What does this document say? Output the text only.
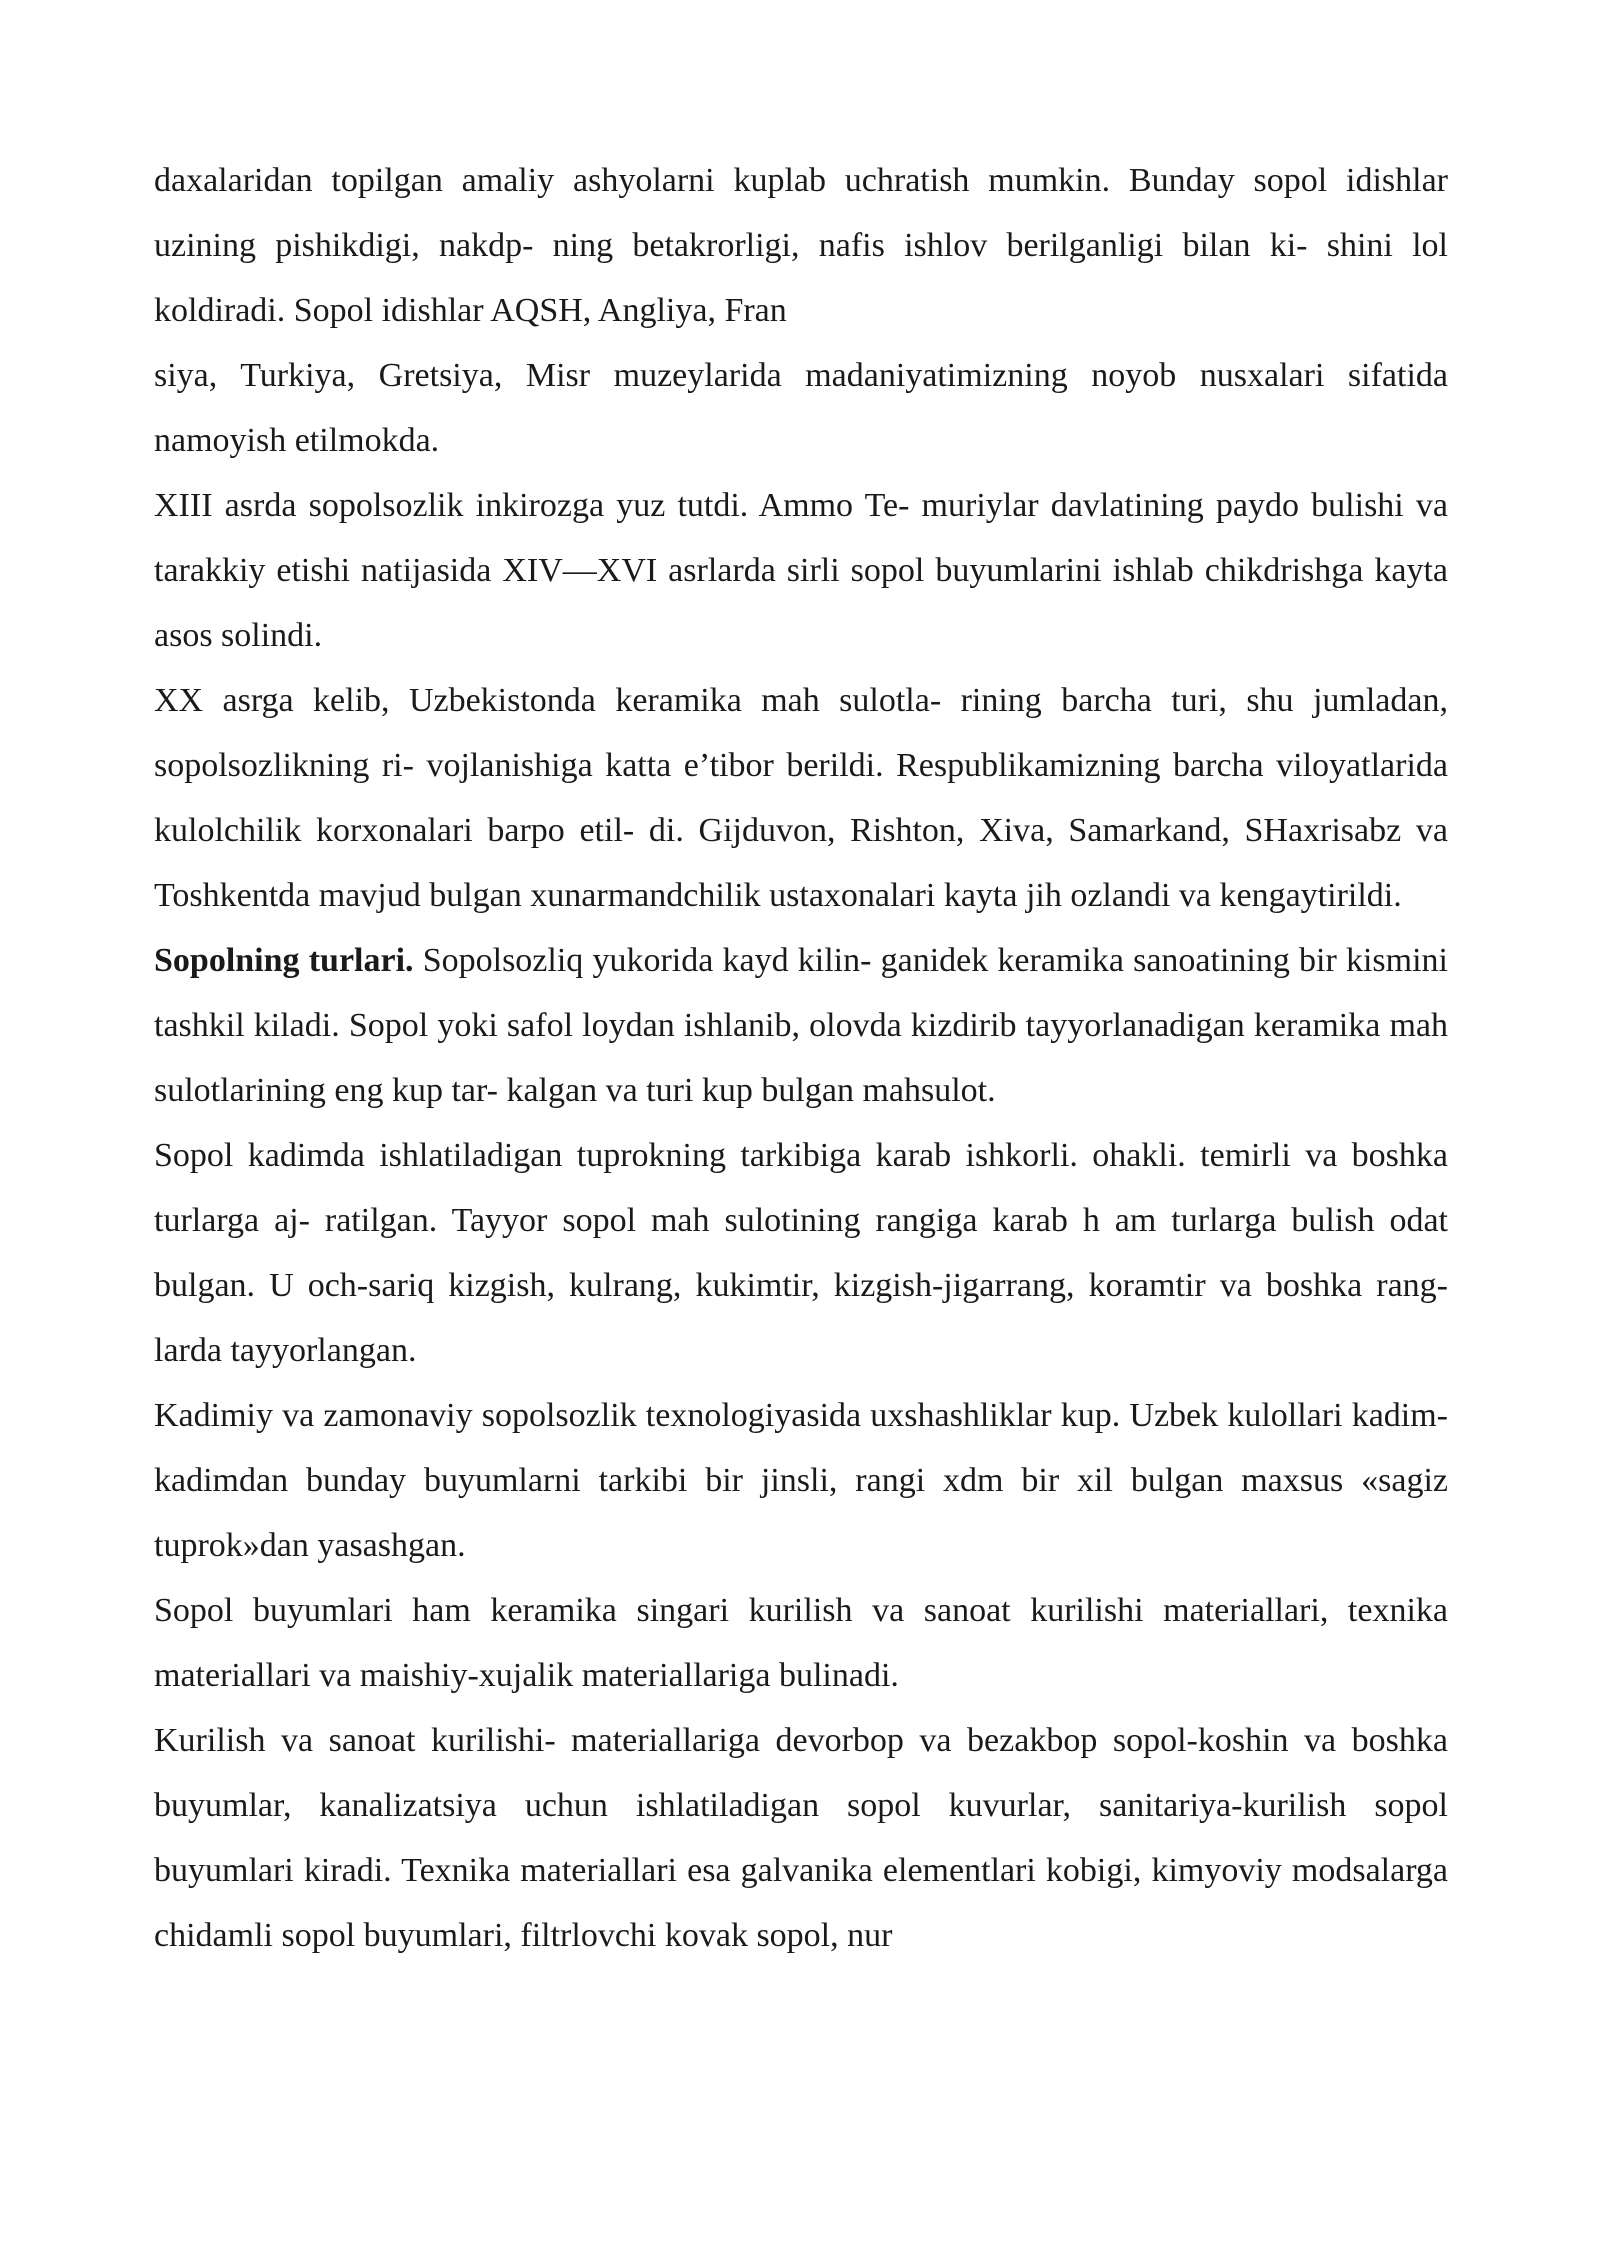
daxalaridan topilgan amaliy ashyolarni kuplab uchratish mumkin. Bunday sopol idishlar uzining pishikdigi, nakdp- ning betakrorligi, nafis ishlov berilganligi bilan ki- shini lol koldiradi. Sopol idishlar AQSH, Angliya, Fran

siya, Turkiya, Gretsiya, Misr muzeylarida madaniyatimizning noyob nusxalari sifatida namoyish etilmokda.

XIII asrda sopolsozlik inkirozga yuz tutdi. Ammo Te- muriylar davlatining paydo bulishi va tarakkiy etishi natijasida XIV—XVI asrlarda sirli sopol buyumlarini ishlab chikdrishga kayta asos solindi.

XX asrga kelib, Uzbekistonda keramika mah sulotla- rining barcha turi, shu jumladan, sopolsozlikning ri- vojlanishiga katta e’tibor berildi. Respublikamizning barcha viloyatlarida kulolchilik korxonalari barpo etil- di. Gijduvon, Rishton, Xiva, Samarkand, SHaxrisabz va Toshkentda mavjud bulgan xunarmandchilik ustaxonalari kayta jih ozlandi va kengaytirildi.

Sopolning turlari. Sopolsozliq yukorida kayd kilin- ganidek keramika sanoatining bir kismini tashkil kiladi. Sopol yoki safol loydan ishlanib, olovda kizdirib tayyorlanadigan keramika mah sulotlarining eng kup tar- kalgan va turi kup bulgan mahsulot.

Sopol kadimda ishlatiladigan tuprokning tarkibiga karab ishkorli. ohakli. temirli va boshka turlarga aj- ratilgan. Tayyor sopol mah sulotining rangiga karab h am turlarga bulish odat bulgan. U och-sariq kizgish, kulrang, kukimtir, kizgish-jigarrang, koramtir va boshka rang- larda tayyorlangan.

Kadimiy va zamonaviy sopolsozlik texnologiyasida uxshashliklar kup. Uzbek kulollari kadim-kadimdan bunday buyumlarni tarkibi bir jinsli, rangi xdm bir xil bulgan maxsus «sagiz tuprok»dan yasashgan.

Sopol buyumlari ham keramika singari kurilish va sanoat kurilishi materiallari, texnika materiallari va maishiy-xujalik materiallariga bulinadi.

Kurilish va sanoat kurilishi- materiallariga devorbop va bezakbop sopol-koshin va boshka buyumlar, kanalizatsiya uchun ishlatiladigan sopol kuvurlar, sanitariya-kurilish sopol buyumlari kiradi. Texnika materiallari esa galvanika elementlari kobigi, kimyoviy modsalarga chidamli sopol buyumlari, filtrlovchi kovak sopol, nur
